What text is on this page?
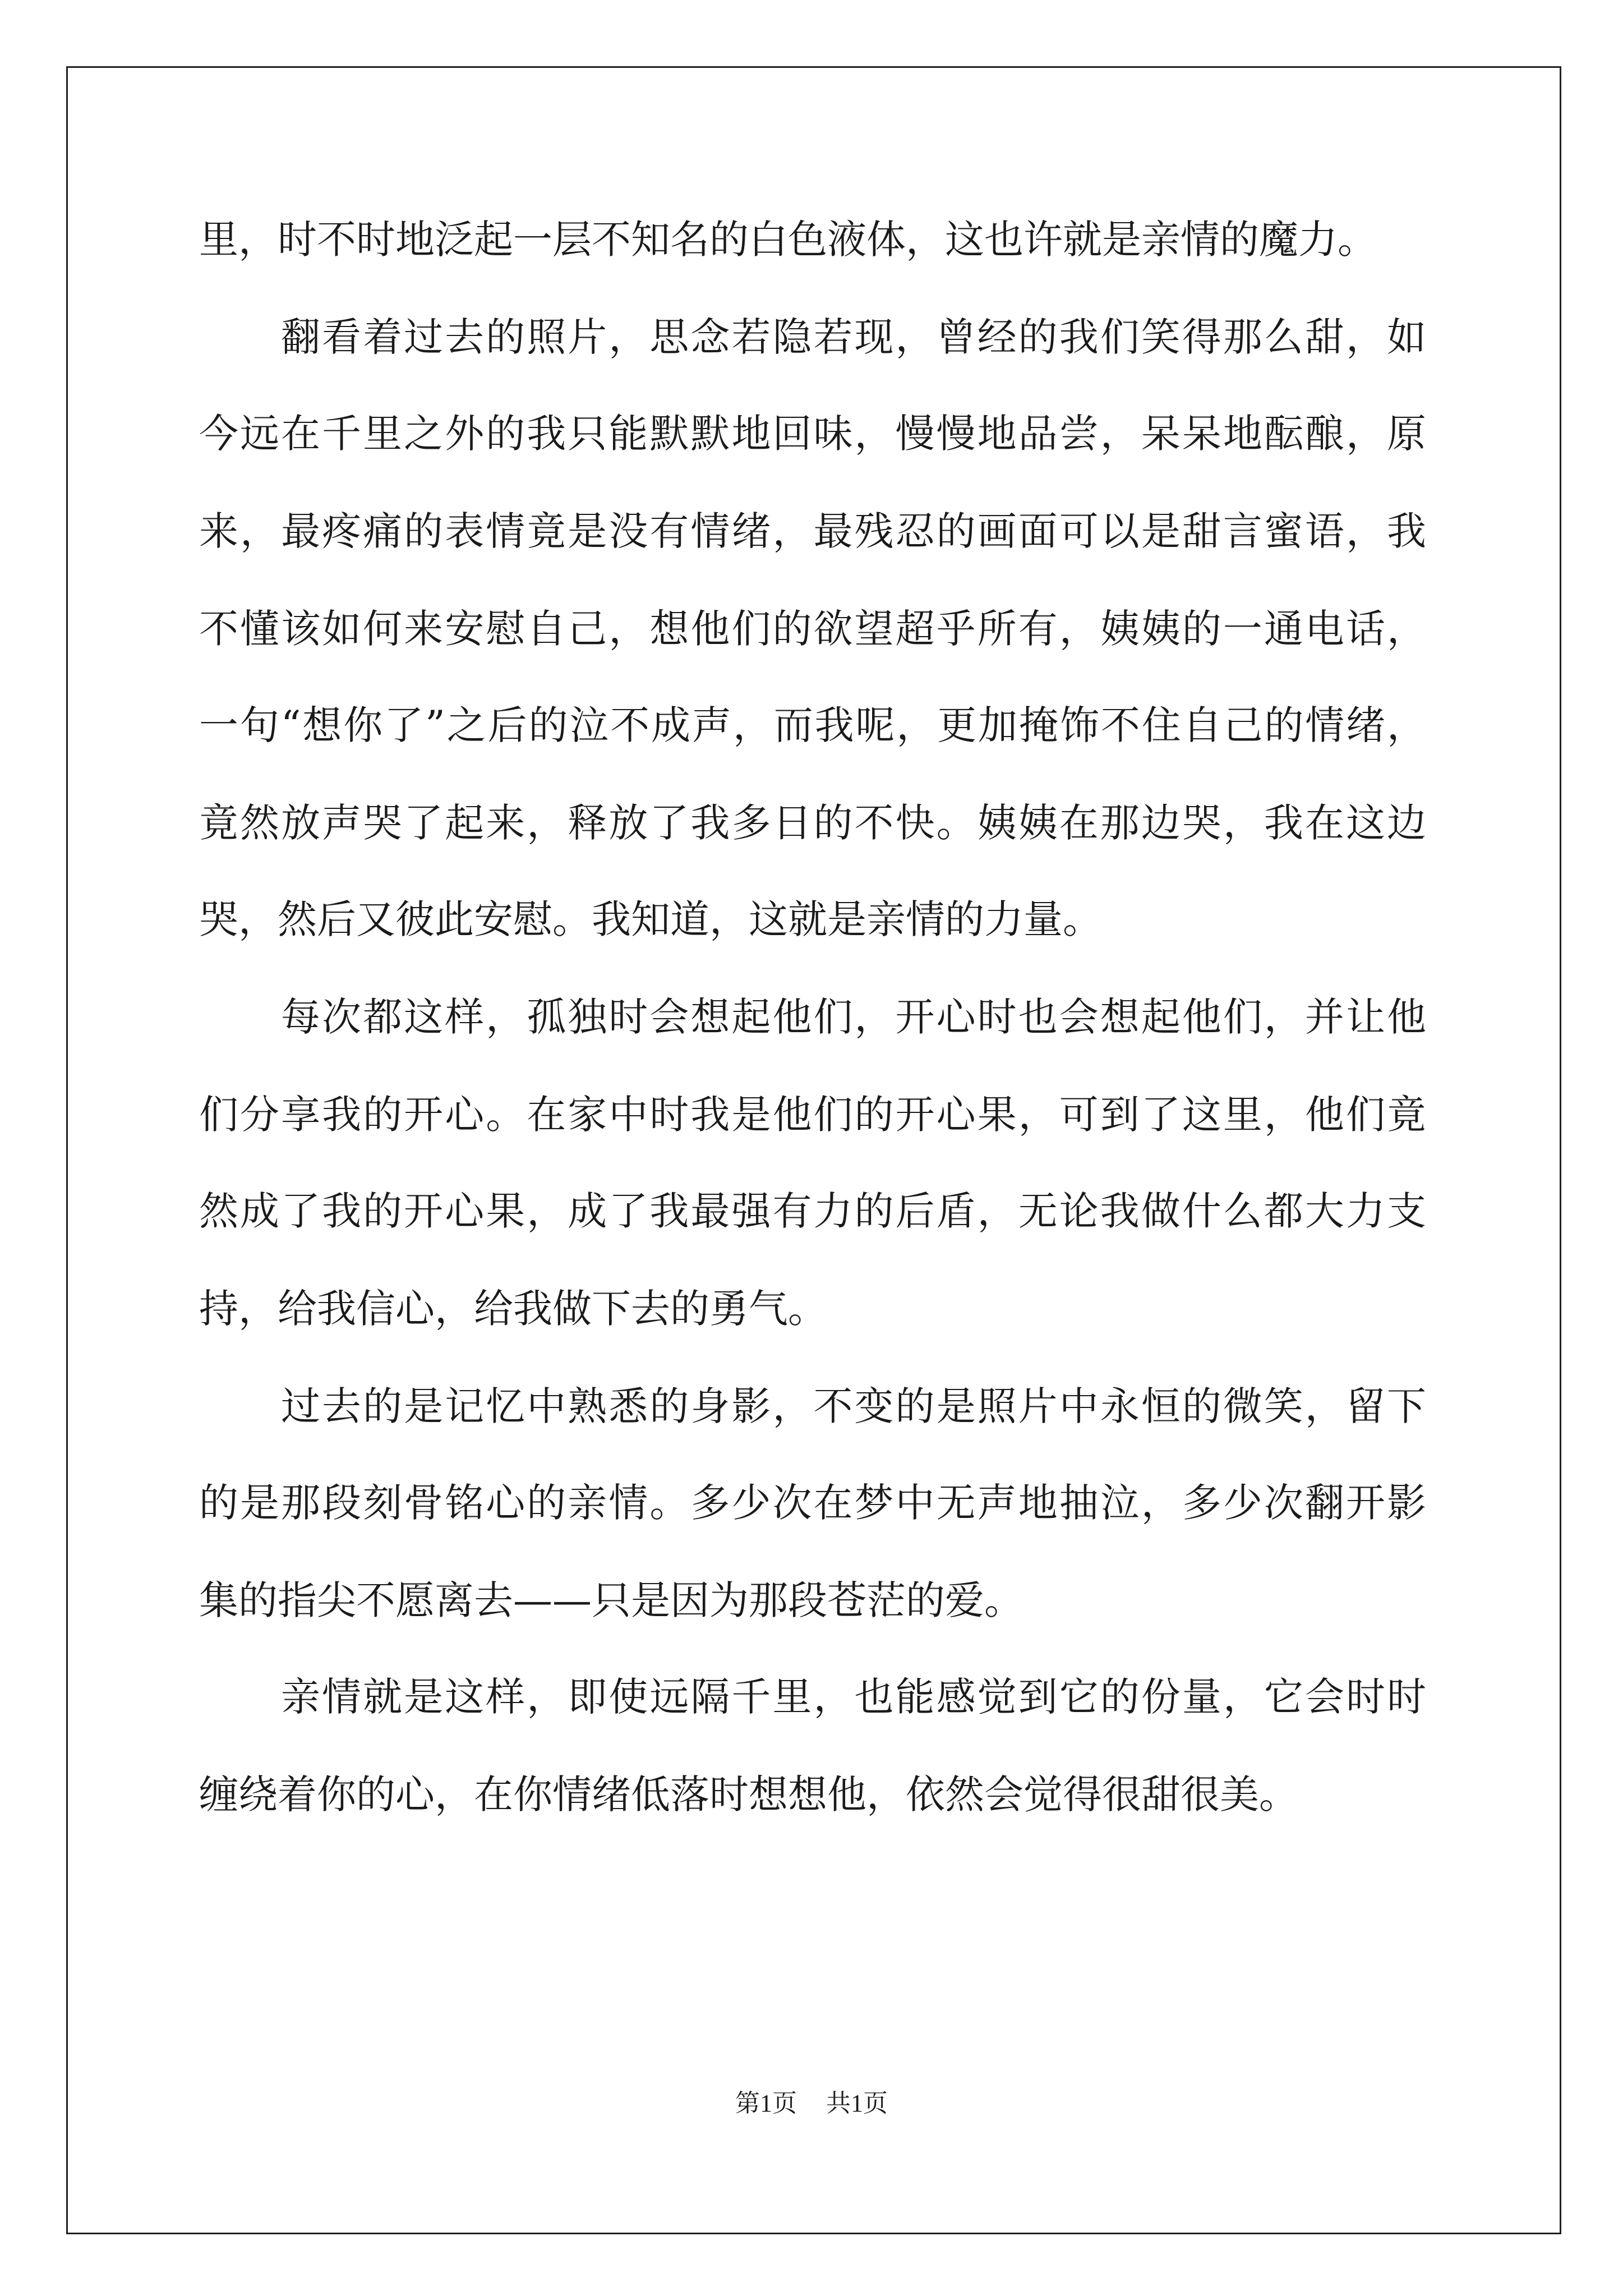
里，时不时地泛起一层不知名的白色液体，这也许就是亲情的魔力。
翻看着过去的照片，思念若隐若现，曾经的我们笑得那么甜，如
今远在千里之外的我只能默默地回味，慢慢地品尝，呆呆地酝酿，原
来，最疼痛的表情竟是没有情绪，最残忍的画面可以是甜言蜜语，我
不懂该如何来安慰自己，想他们的欲望超乎所有，姨姨的一通电话，
一句“想你了”之后的泣不成声，而我呢，更加掩饰不住自己的情绪，
竟然放声哭了起来，释放了我多日的不快。姨姨在那边哭，我在这边
哭，然后又彼此安慰。我知道，这就是亲情的力量。
每次都这样，孤独时会想起他们，开心时也会想起他们，并让他
们分享我的开心。在家中时我是他们的开心果，可到了这里，他们竟
然成了我的开心果，成了我最强有力的后盾，无论我做什么都大力支
持，给我信心，给我做下去的勇气。
过去的是记忆中熟悉的身影，不变的是照片中永恒的微笑，留下
的是那段刻骨铭心的亲情。多少次在梦中无声地抽泣，多少次翻开影
集的指尖不愿离去——只是因为那段苍茫的爱。
亲情就是这样，即使远隔千里，也能感觉到它的份量，它会时时
缠绕着你的心，在你情绪低落时想想他，依然会觉得很甜很美。
第1页 共1页
